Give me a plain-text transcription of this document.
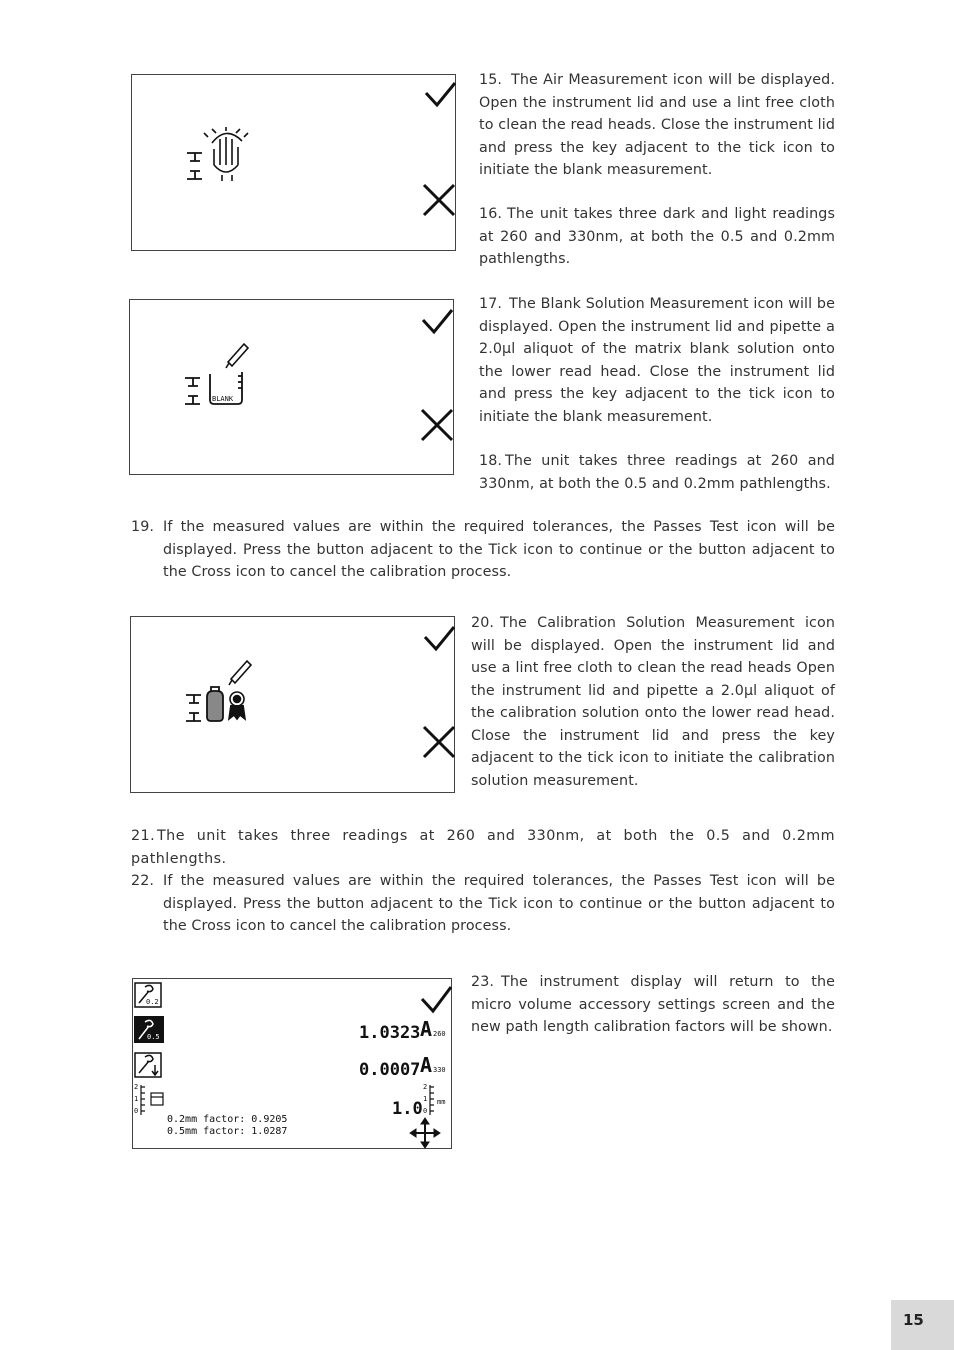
15. The Air Measurement icon will be displayed. Open the instrument lid and use a lint free cloth to clean the read heads. Close the instrument lid and press the key adjacent to the tick icon to initiate the blank measurement.
16. The unit takes three dark and light readings at 260 and 330nm, at both the 0.5 and 0.2mm pathlengths.
BLANK
17. The Blank Solution Measurement icon will be displayed. Open the instrument lid and pipette a 2.0µl aliquot of the matrix blank solution onto the lower read head. Close the instrument lid and press the key adjacent to the tick icon to initiate the blank measurement.
18. The unit takes three readings at 260 and 330nm, at both the 0.5 and 0.2mm pathlengths.
19. If the measured values are within the required tolerances, the Passes Test icon will be displayed. Press the button adjacent to the Tick icon to continue or the button adjacent to the Cross icon to cancel the calibration process.
20. The Calibration Solution Measurement icon will be displayed. Open the instrument lid and use a lint free cloth to clean the read heads Open the instrument lid and pipette a 2.0µl aliquot of the calibration solution onto the lower read head. Close the instrument lid and press the key adjacent to the tick icon to initiate the calibration solution measurement.
21. The unit takes three readings at 260 and 330nm, at both the 0.5 and 0.2mm pathlengths.
22. If the measured values are within the required tolerances, the Passes Test icon will be displayed. Press the button adjacent to the Tick icon to continue or the button adjacent to the Cross icon to cancel the calibration process.
0.2
0.5
2
1
0
0.2mm factor: 0.9205
0.5mm factor: 1.0287
1.0323 A 260
0.0007 A 330
1.0
2
1
0
mm
23. The instrument display will return to the micro volume accessory settings screen and the new path length calibration factors will be shown.
15
